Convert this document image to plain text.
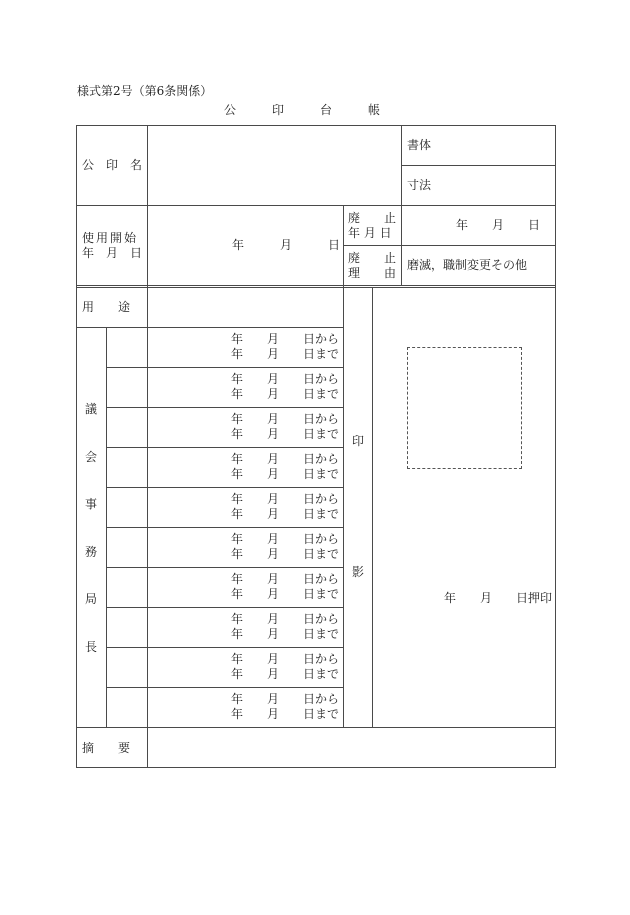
様式第2号（第6条関係）
公　　　印　　　台　　　帳
公　印　名
書体
寸法
使用開始
年　月　日
年　　　月　　　日
廃　　止
年 月 日
年　　月　　日
廃　　止
理　　由
磨滅，職制変更その他
用　　途
議
会
事
務
局
長
年　　月　　日から
年　　月　　日まで
年　　月　　日から
年　　月　　日まで
年　　月　　日から
年　　月　　日まで
年　　月　　日から
年　　月　　日まで
年　　月　　日から
年　　月　　日まで
年　　月　　日から
年　　月　　日まで
年　　月　　日から
年　　月　　日まで
年　　月　　日から
年　　月　　日まで
年　　月　　日から
年　　月　　日まで
年　　月　　日から
年　　月　　日まで
印
影
年　　月　　日押印
摘　　要
